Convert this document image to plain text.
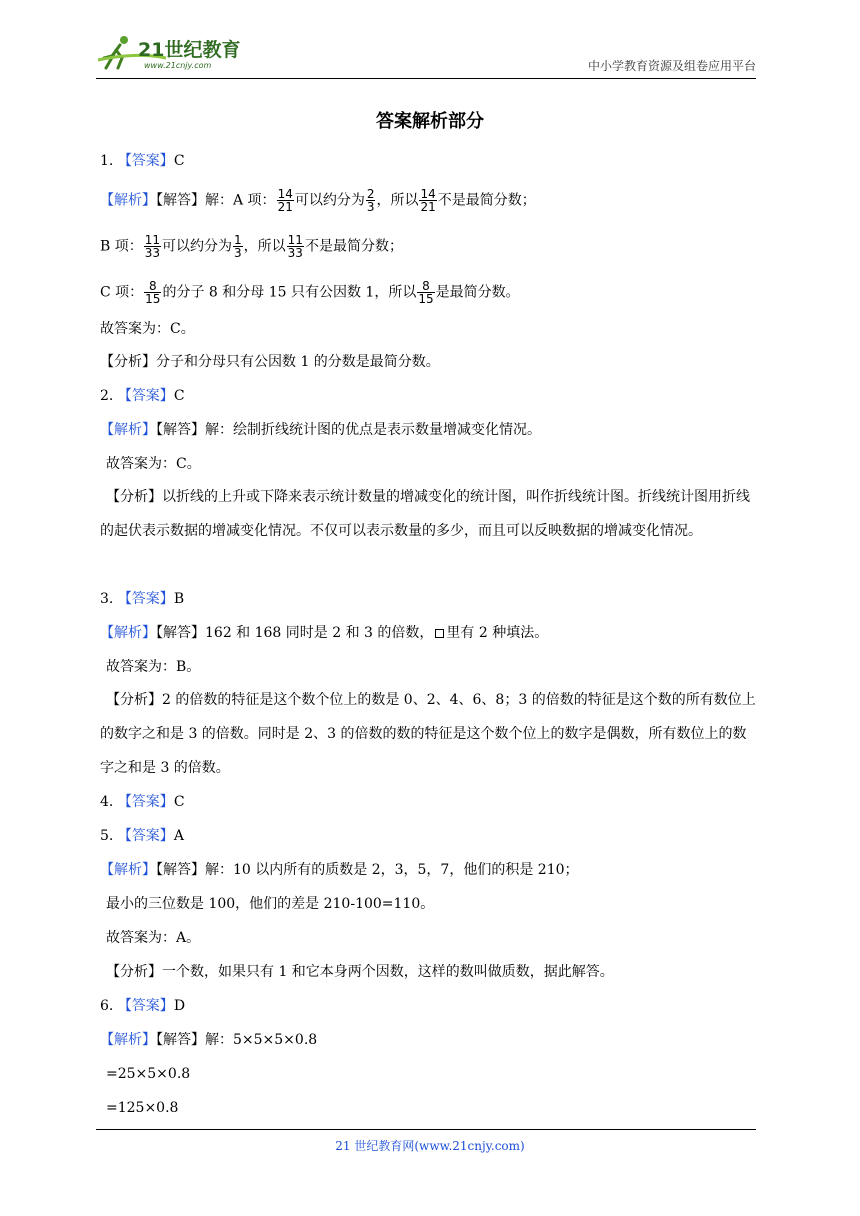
21世纪教育
www.21cnjy.com	中小学教育资源及组卷应用平台
答案解析部分
1. 【答案】C
【解析】【解答】解：A 项： $\frac{14}{21}$ 可以约分为 $\frac{2}{3}$ ，所以 $\frac{14}{21}$ 不是最简分数；
B 项： $\frac{11}{33}$ 可以约分为 $\frac{1}{3}$ ，所以 $\frac{11}{33}$ 不是最简分数；
C 项： $\frac{8}{15}$ 的分子 8 和分母 15 只有公因数 1，所以 $\frac{8}{15}$ 是最简分数。
故答案为：C。
【分析】分子和分母只有公因数 1 的分数是最简分数。
2. 【答案】C
【解析】【解答】解：绘制折线统计图的优点是表示数量增减变化情况。
故答案为：C。
【分析】以折线的上升或下降来表示统计数量的增减变化的统计图，叫作折线统计图。折线统计图用折线的起伏表示数据的增减变化情况。不仅可以表示数量的多少，而且可以反映数据的增减变化情况。
3. 【答案】B
【解析】【解答】162 和 168 同时是 2 和 3 的倍数， 里有 2 种填法。
故答案为：B。
【分析】2 的倍数的特征是这个数个位上的数是 0、2、4、6、8；3 的倍数的特征是这个数的所有数位上的数字之和是 3 的倍数。同时是 2、3 的倍数的数的特征是这个数个位上的数字是偶数，所有数位上的数字之和是 3 的倍数。
4. 【答案】C
5. 【答案】A
【解析】【解答】解：10 以内所有的质数是 2，3，5，7，他们的积是 210；
最小的三位数是 100，他们的差是 210-100=110。
故答案为：A。
【分析】一个数，如果只有 1 和它本身两个因数，这样的数叫做质数，据此解答。
6. 【答案】D
【解析】【解答】解：5×5×5×0.8
=25×5×0.8
=125×0.8
21 世纪教育网(www.21cnjy.com)
